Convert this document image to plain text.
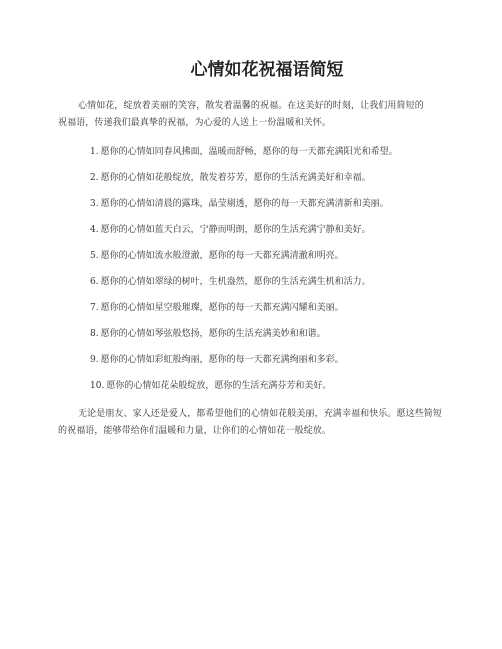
心情如花祝福语简短

心情如花，绽放着美丽的笑容，散发着温馨的祝福。在这美好的时刻，让我们用简短的祝福语，传递我们最真挚的祝福，为心爱的人送上一份温暖和关怀。

1. 愿你的心情如同春风拂面，温暖而舒畅，愿你的每一天都充满阳光和希望。
2. 愿你的心情如花般绽放，散发着芬芳，愿你的生活充满美好和幸福。
3. 愿你的心情如清晨的露珠，晶莹剔透，愿你的每一天都充满清新和美丽。
4. 愿你的心情如蓝天白云，宁静而明朗，愿你的生活充满宁静和美好。
5. 愿你的心情如流水般澄澈，愿你的每一天都充满清澈和明亮。
6. 愿你的心情如翠绿的树叶，生机盎然，愿你的生活充满生机和活力。
7. 愿你的心情如星空般璀璨，愿你的每一天都充满闪耀和美丽。
8. 愿你的心情如琴弦般悠扬，愿你的生活充满美妙和和谐。
9. 愿你的心情如彩虹般绚丽，愿你的每一天都充满绚丽和多彩。
10. 愿你的心情如花朵般绽放，愿你的生活充满芬芳和美好。

无论是朋友、家人还是爱人，都希望他们的心情如花般美丽，充满幸福和快乐。愿这些简短的祝福语，能够带给你们温暖和力量，让你们的心情如花一般绽放。
